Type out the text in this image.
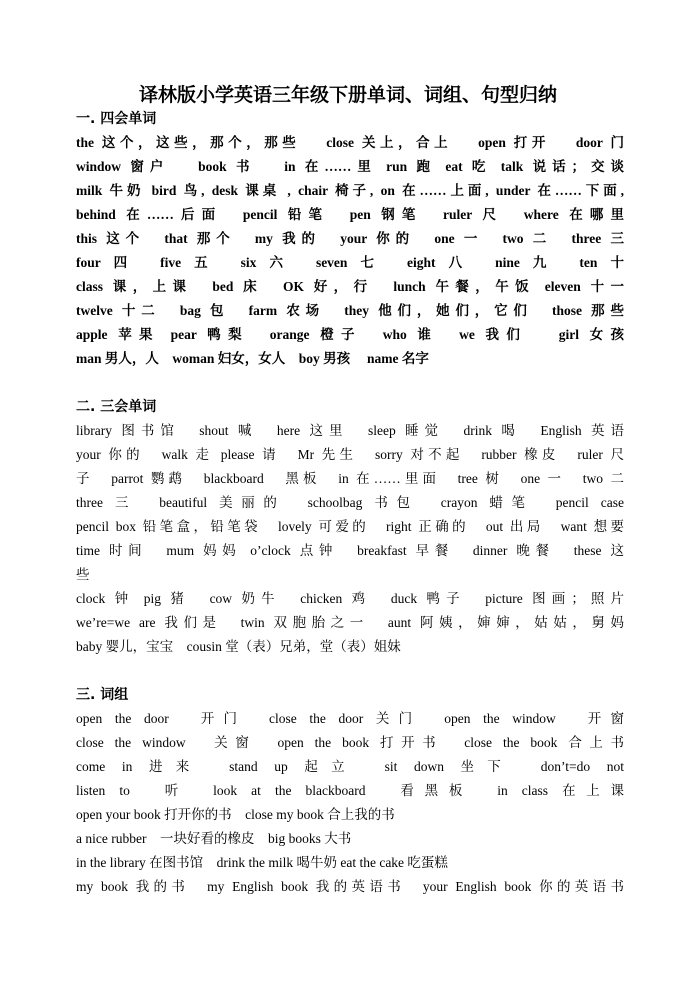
译林版小学英语三年级下册单词、词组、句型归纳
一. 四会单词
the 这个，这些，那个，那些　 close 关上，合上　 open 打开　 door 门
window 窗户　 book 书　 in 在……里 run 跑 eat 吃 talk 说话；交谈
milk 牛奶 bird 鸟, desk 课桌 , chair 椅子, on 在……上面, under 在……下面,
behind 在……后面　pencil 铅笔　pen 钢笔　ruler 尺　where 在哪里
this 这个　that 那个　my 我的　your 你的　one 一　two 二　three 三
four 四　five 五　six 六　seven 七　eight 八　nine 九　ten 十
class 课，上课　bed 床　OK 好，行　lunch 午餐，午饭 eleven 十一
twelve 十二　bag 包　farm 农场　they 他们，她们，它们　those 那些
apple 苹果 pear 鸭梨　orange 橙子　who 谁　we 我们　 girl 女孩
man 男人，人　woman 妇女，女人　boy 男孩　 name 名字
二. 三会单词
library 图书馆　shout 喊　here 这里　sleep 睡觉　drink 喝　English 英语
your 你的　walk 走 please 请　Mr 先生　sorry 对不起　rubber 橡皮　ruler 尺
子　parrot 鹦鹉　blackboard　黑板　in 在……里面　tree 树　one 一　two 二
three 三　beautiful 美丽的　schoolbag 书包　crayon 蜡笔　pencil case
pencil box 铅笔盒，铅笔袋　lovely 可爱的　right 正确的　out 出局　want 想要
time 时间　mum 妈妈 o’clock 点钟　breakfast 早餐　dinner 晚餐　these 这
些
clock 钟 pig 猪　cow 奶牛　chicken 鸡　duck 鸭子　picture 图画；照片
we’re=we are 我们是　twin 双胞胎之一　aunt 阿姨，婶婶，姑姑，舅妈
baby 婴儿，宝宝　cousin 堂（表）兄弟，堂（表）姐妹
三. 词组
open the door　开门　close the door 关门　open the window　开窗
close the window　关窗　open the book 打开书　close the book 合上书
come in 进来　stand up 起立　sit down 坐下　don’t=do not
listen to　听　look at the blackboard　看黑板　in class 在上课
open your book 打开你的书　close my book 合上我的书
a nice rubber　一块好看的橡皮　big books 大书
in the library 在图书馆　drink the milk 喝牛奶 eat the cake 吃蛋糕
my book 我的书　my English book 我的英语书　your English book 你的英语书
